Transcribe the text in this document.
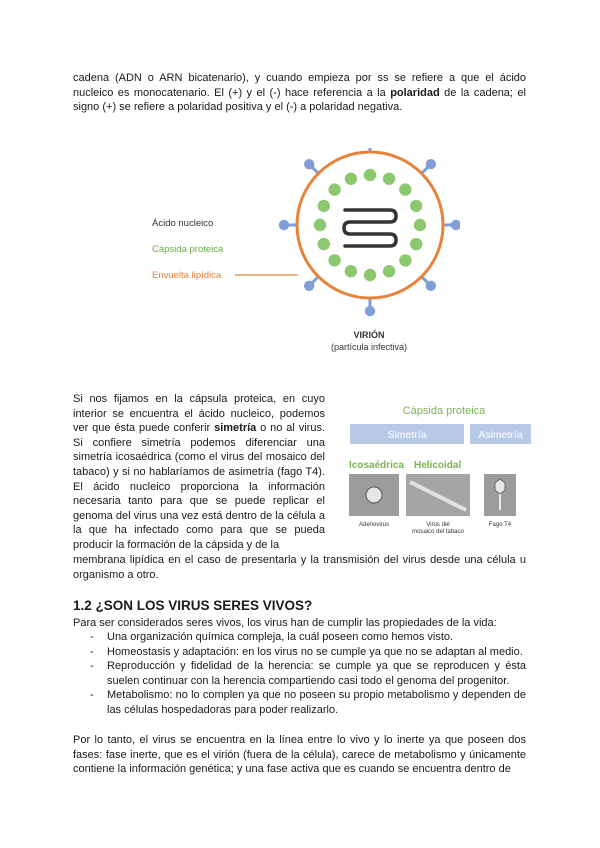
cadena (ADN o ARN bicatenario), y cuando empieza por ss se refiere a que el ácido nucleico es monocatenario. El (+) y el (-) hace referencia a la polaridad de la cadena; el signo (+) se refiere a polaridad positiva y el (-) a polaridad negativa.
Ácido nucleico
Cápsida proteica
Envuelta lipídica
VIRIÓN
(partícula infectiva)
Si nos fijamos en la cápsula proteica, en cuyo interior se encuentra el ácido nucleico, podemos ver que ésta puede conferir simetría o no al virus. Si confiere simetría podemos diferenciar una simetría icosaédrica (como el virus del mosaico del tabaco) y si no hablaríamos de asimetría (fago T4). El ácido nucleico proporciona la información necesaria tanto para que se puede replicar el genoma del virus una vez está dentro de la célula a la que ha infectado como para que se pueda producir la formación de la cápsida y de la
membrana lipídica en el caso de presentarla y la transmisión del virus desde una célula u organismo a otro.
Cápsida proteica
Simetría	Asimetría
Icosaédrica Helicoidal
Adenovirus	Virus del
mosaico del tabaco
Fago T4
1.2 ¿SON LOS VIRUS SERES VIVOS?
Para ser considerados seres vivos, los virus han de cumplir las propiedades de la vida:
- Una organización química compleja, la cuál poseen como hemos visto.
- Homeostasis y adaptación: en los virus no se cumple ya que no se adaptan al medio.
- Reproducción y fidelidad de la herencia: se cumple ya que se reproducen y ésta suelen continuar con la herencia compartiendo casi todo el genoma del progenitor.
- Metabolismo: no lo complen ya que no poseen su propio metabolismo y dependen de las células hospedadoras para poder realizarlo.
Por lo tanto, el virus se encuentra en la línea entre lo vivo y lo inerte ya que poseen dos fases: fase inerte, que es el virión (fuera de la célula), carece de metabolismo y únicamente contiene la información genética; y una fase activa que es cuando se encuentra dentro de
